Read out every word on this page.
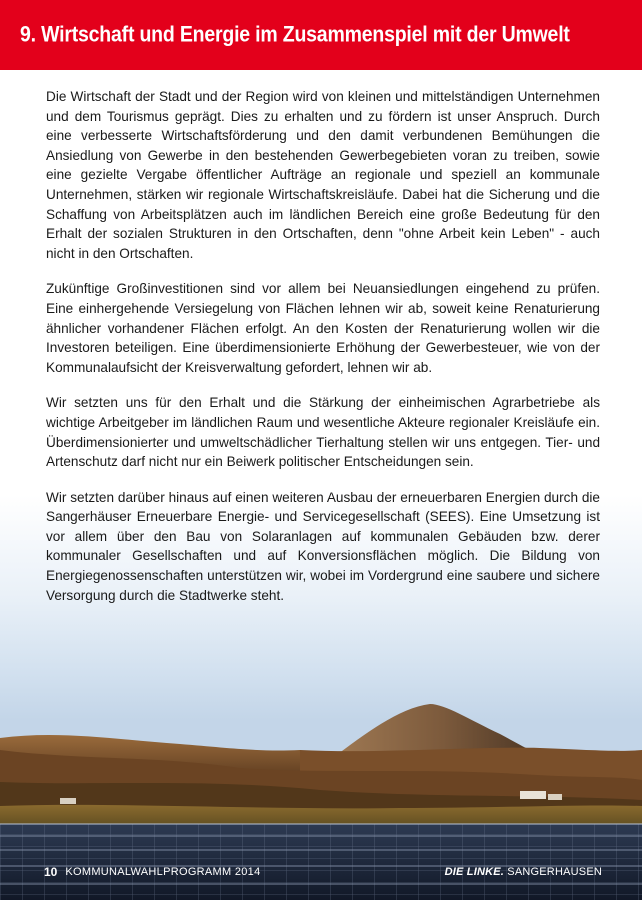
9. Wirtschaft und Energie im Zusammenspiel mit der Umwelt

Die Wirtschaft der Stadt und der Region wird von kleinen und mittelständigen Unternehmen und dem Tourismus geprägt. Dies zu erhalten und zu fördern ist unser Anspruch. Durch eine verbesserte Wirtschaftsförderung und den damit verbundenen Bemühungen die Ansiedlung von Gewerbe in den bestehenden Gewerbegebieten voran zu treiben, sowie eine gezielte Vergabe öffentlicher Aufträge an regionale und speziell an kommunale Unternehmen, stärken wir regionale Wirtschaftskreisläufe. Dabei hat die Sicherung und die Schaffung von Arbeitsplätzen auch im ländlichen Bereich eine große Bedeutung für den Erhalt der sozialen Strukturen in den Ortschaften, denn "ohne Arbeit kein Leben" - auch nicht in den Ortschaften.

Zukünftige Großinvestitionen sind vor allem bei Neuansiedlungen eingehend zu prüfen. Eine einhergehende Versiegelung von Flächen lehnen wir ab, soweit keine Renaturierung ähnlicher vorhandener Flächen erfolgt. An den Kosten der Renaturierung wollen wir die Investoren beteiligen. Eine überdimensionierte Erhöhung der Gewerbesteuer, wie von der Kommunalaufsicht der Kreisverwaltung gefordert, lehnen wir ab.

Wir setzten uns für den Erhalt und die Stärkung der einheimischen Agrarbetriebe als wichtige Arbeitgeber im ländlichen Raum und wesentliche Akteure regionaler Kreisläufe ein. Überdimensionierter und umweltschädlicher Tierhaltung stellen wir uns entgegen. Tier- und Artenschutz darf nicht nur ein Beiwerk politischer Entscheidungen sein.

Wir setzten darüber hinaus auf einen weiteren Ausbau der erneuerbaren Energien durch die Sangerhäuser Erneuerbare Energie- und Servicegesellschaft (SEES). Eine Umsetzung ist vor allem über den Bau von Solaranlagen auf kommunalen Gebäuden bzw. derer kommunaler Gesellschaften und auf Konversionsflächen möglich. Die Bildung von Energiegenossenschaften unterstützen wir, wobei im Vordergrund eine saubere und sichere Versorgung durch die Stadtwerke steht.

10 KOMMUNALWAHLPROGRAMM 2014	DIE LINKE. SANGERHAUSEN
